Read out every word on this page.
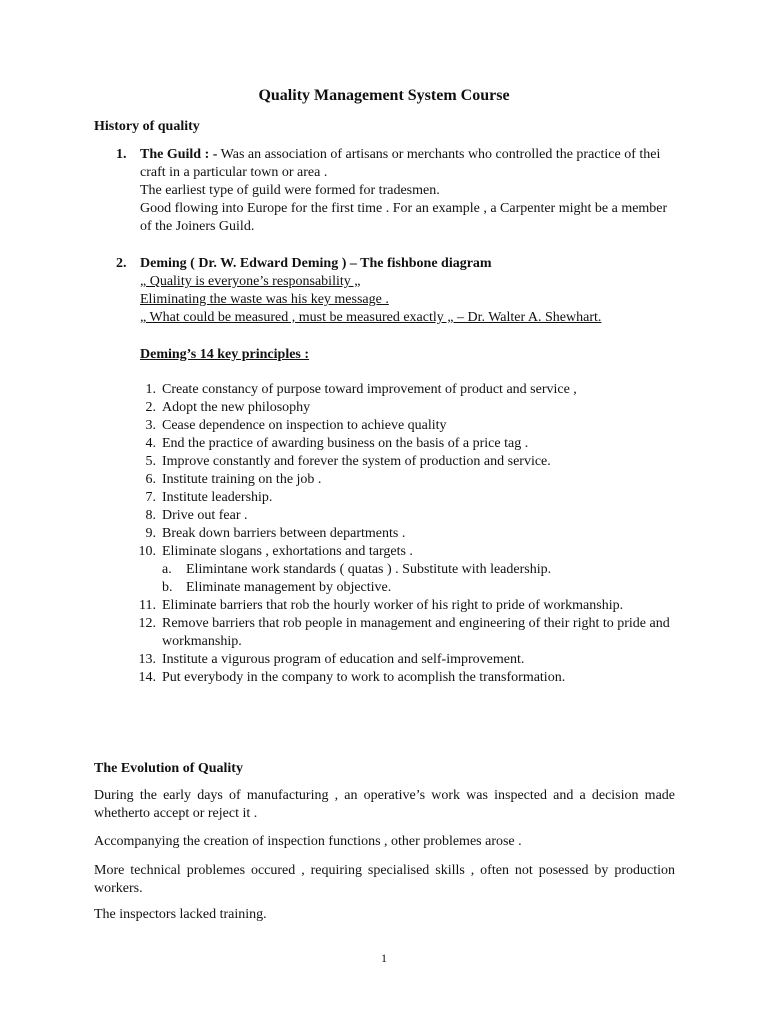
Quality Management System Course
History of quality
1. The Guild : - Was an association of artisans or merchants who controlled the practice of thei craft in a particular town or area .
The earliest type of guild were formed for tradesmen.
Good flowing into Europe for the first time . For an example , a Carpenter might be a member of the Joiners Guild.
2. Deming ( Dr. W. Edward Deming ) – The fishbone diagram
„ Quality is everyone’s responsability „
Eliminating the waste was his key message .
„ What could be measured , must be measured exactly „ – Dr. Walter A. Shewhart.
Deming’s 14 key principles :
1. Create constancy of purpose toward improvement of product and service ,
2. Adopt the new philosophy
3. Cease dependence on inspection to achieve quality
4. End the practice of awarding business on the basis of a price tag .
5. Improve constantly and forever the system of production and service.
6. Institute training on the job .
7. Institute leadership.
8. Drive out fear .
9. Break down barriers between departments .
10. Eliminate slogans , exhortations and targets .
a. Elimintane work standards ( quatas ) . Substitute with leadership.
b. Eliminate management by objective.
11. Eliminate barriers that rob the hourly worker of his right to pride of workmanship.
12. Remove barriers that rob people in management and engineering of their right to pride and workmanship.
13. Institute a vigurous program of education and self-improvement.
14. Put everybody in the company to work to acomplish the transformation.
The Evolution of Quality
During the early days of manufacturing , an operative’s work was inspected and a decision made whetherto accept or reject it .
Accompanying the creation of inspection functions , other problemes arose .
More technical problemes occured , requiring specialised skills , often not posessed by production workers.
The inspectors lacked training.
1
